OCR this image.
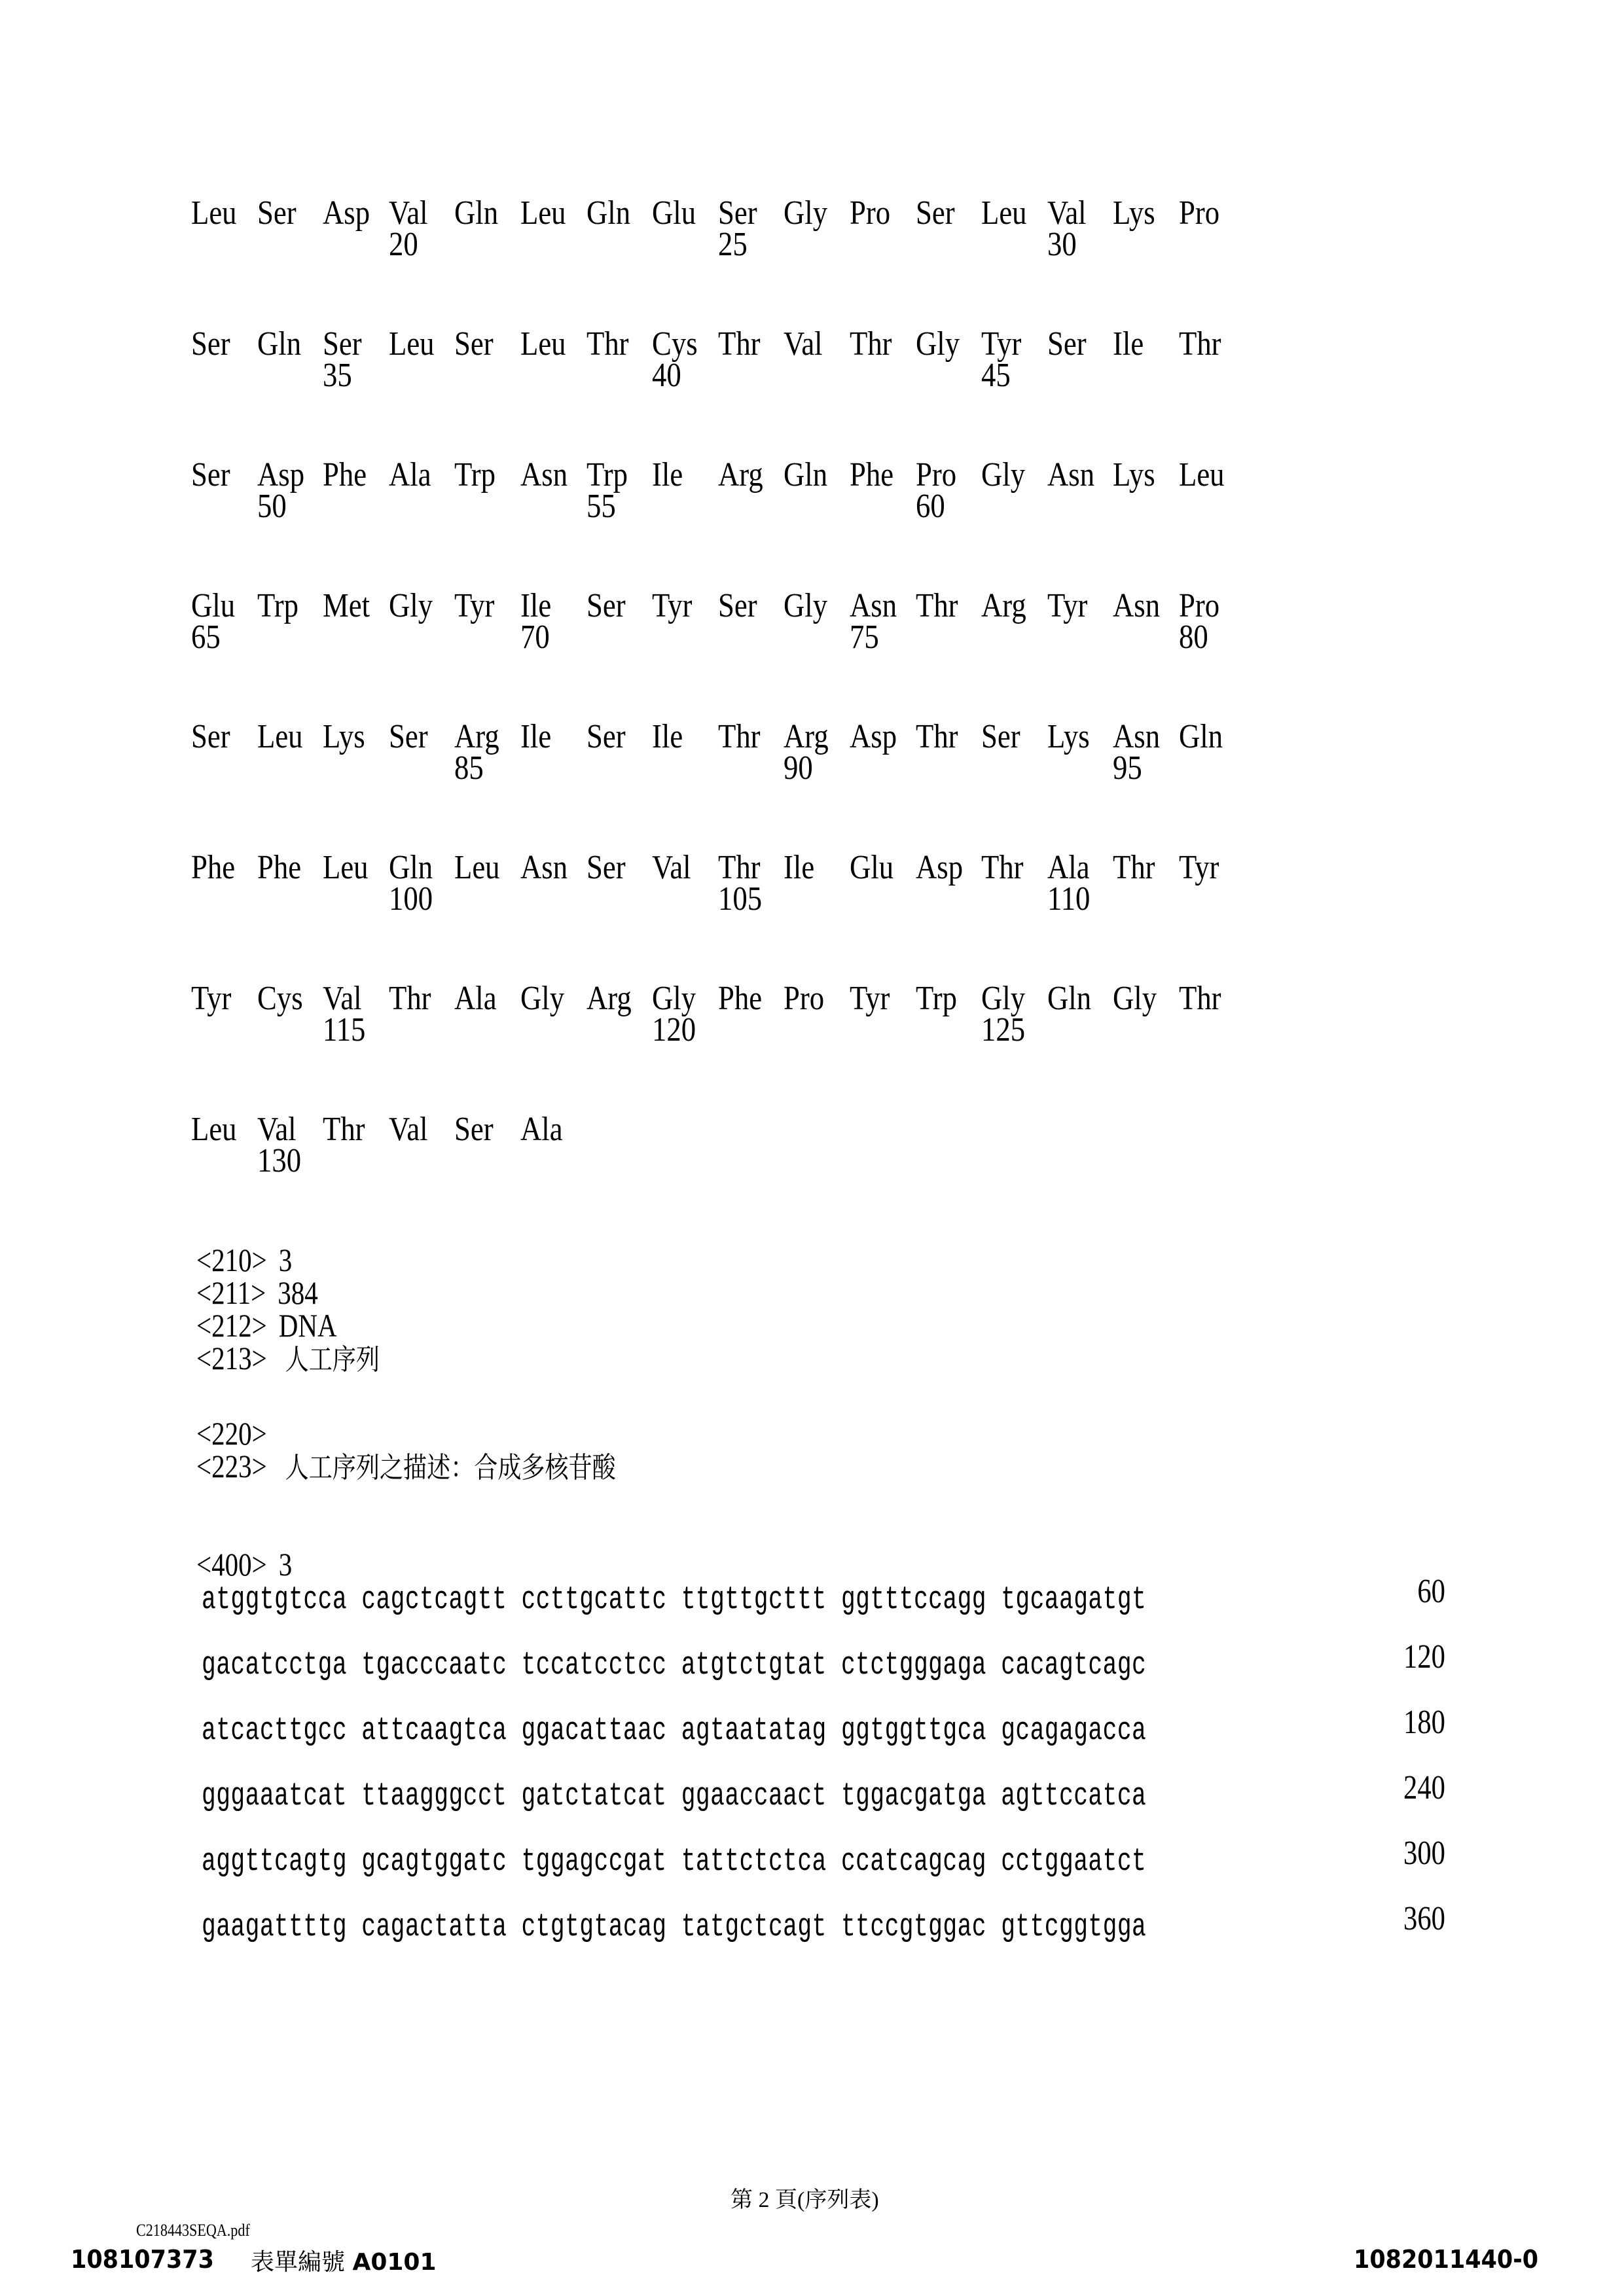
Leu Ser Asp Val Gln Leu Gln Glu Ser Gly Pro Ser Leu Val Lys Pro
20	25	30
Ser Gln Ser Leu Ser Leu Thr Cys Thr Val Thr Gly Tyr Ser Ile	Thr
35	40	45
Ser Asp Phe Ala Trp Asn Trp Ile	Arg Gln Phe Pro Gly Asn Lys Leu
50	55	60
Glu Trp Met Gly Tyr Ile	Ser Tyr Ser Gly Asn Thr Arg Tyr Asn Pro
65	70	75	80
Ser Leu Lys Ser Arg Ile	Ser Ile	Thr Arg Asp Thr Ser Lys Asn Gln
85	90	95
Phe Phe Leu Gln Leu Asn Ser Val Thr Ile	Glu Asp Thr Ala Thr Tyr
100	105	110
Tyr Cys Val Thr Ala Gly Arg Gly Phe Pro Tyr Trp Gly Gln Gly Thr
115	120	125
Leu Val Thr Val Ser Ala
130
<210> 3
<211> 384
<212> DNA
<213> 人工序列
<220>
<223> 人工序列之描述：合成多核苷酸
<400> 3
atggtgtcca cagctcagtt ccttgcattc ttgttgcttt ggtttccagg tgcaagatgt	60
gacatcctga tgacccaatc tccatcctcc atgtctgtat ctctgggaga cacagtcagc	120
atcacttgcc attcaagtca ggacattaac agtaatatag ggtggttgca gcagagacca	180
gggaaatcat ttaagggcct gatctatcat ggaaccaact tggacgatga agttccatca	240
aggttcagtg gcagtggatc tggagccgat tattctctca ccatcagcag cctggaatct	300
gaagattttg cagactatta ctgtgtacag tatgctcagt ttccgtggac gttcggtgga	360
第 2 頁(序列表)
C218443SEQA.pdf
108107373 表單編號 A0101	1082011440-0
